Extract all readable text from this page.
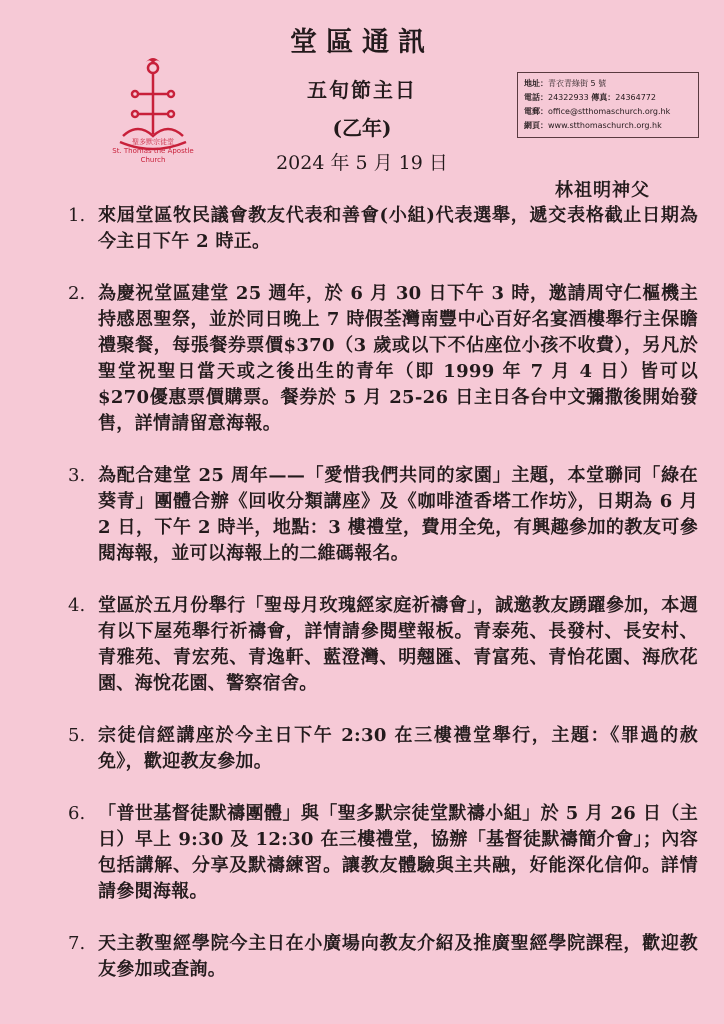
堂區通訊
五旬節主日
(乙年)
2024 年 5 月 19 日
聖多默宗徒堂
St. Thomas the Apostle Church
地址：青衣青綠街 5 號
電話：24322933 傳真：24364772
電郵：office@stthomaschurch.org.hk
網頁：www.stthomaschurch.org.hk
林祖明神父
1. 來屆堂區牧民議會教友代表和善會(小組)代表選舉，遞交表格截止日期為今主日下午 2 時正。
2. 為慶祝堂區建堂 25 週年，於 6 月 30 日下午 3 時，邀請周守仁樞機主持感恩聖祭，並於同日晚上 7 時假荃灣南豐中心百好名宴酒樓舉行主保瞻禮聚餐，每張餐券票價$370（3 歲或以下不佔座位小孩不收費），另凡於聖堂祝聖日當天或之後出生的青年（即 1999 年 7 月 4 日）皆可以$270優惠票價購票。餐券於 5 月 25-26 日主日各台中文彌撒後開始發售，詳情請留意海報。
3. 為配合建堂 25 周年——「愛惜我們共同的家園」主題，本堂聯同「綠在葵青」團體合辦《回收分類講座》及《咖啡渣香塔工作坊》，日期為 6 月 2 日，下午 2 時半，地點：3 樓禮堂，費用全免，有興趣參加的教友可參閱海報，並可以海報上的二維碼報名。
4. 堂區於五月份舉行「聖母月玫瑰經家庭祈禱會」，誠邀教友踴躍參加，本週有以下屋苑舉行祈禱會，詳情請參閱壁報板。青泰苑、長發村、長安村、青雅苑、青宏苑、青逸軒、藍澄灣、明翹匯、青富苑、青怡花園、海欣花園、海悅花園、警察宿舍。
5. 宗徒信經講座於今主日下午 2:30 在三樓禮堂舉行，主題：《罪過的赦免》，歡迎教友參加。
6. 「普世基督徒默禱團體」與「聖多默宗徒堂默禱小組」於 5 月 26 日（主日）早上 9:30 及 12:30 在三樓禮堂，協辦「基督徒默禱簡介會」；內容包括講解、分享及默禱練習。讓教友體驗與主共融，好能深化信仰。詳情請參閱海報。
7. 天主教聖經學院今主日在小廣場向教友介紹及推廣聖經學院課程，歡迎教友參加或查詢。
